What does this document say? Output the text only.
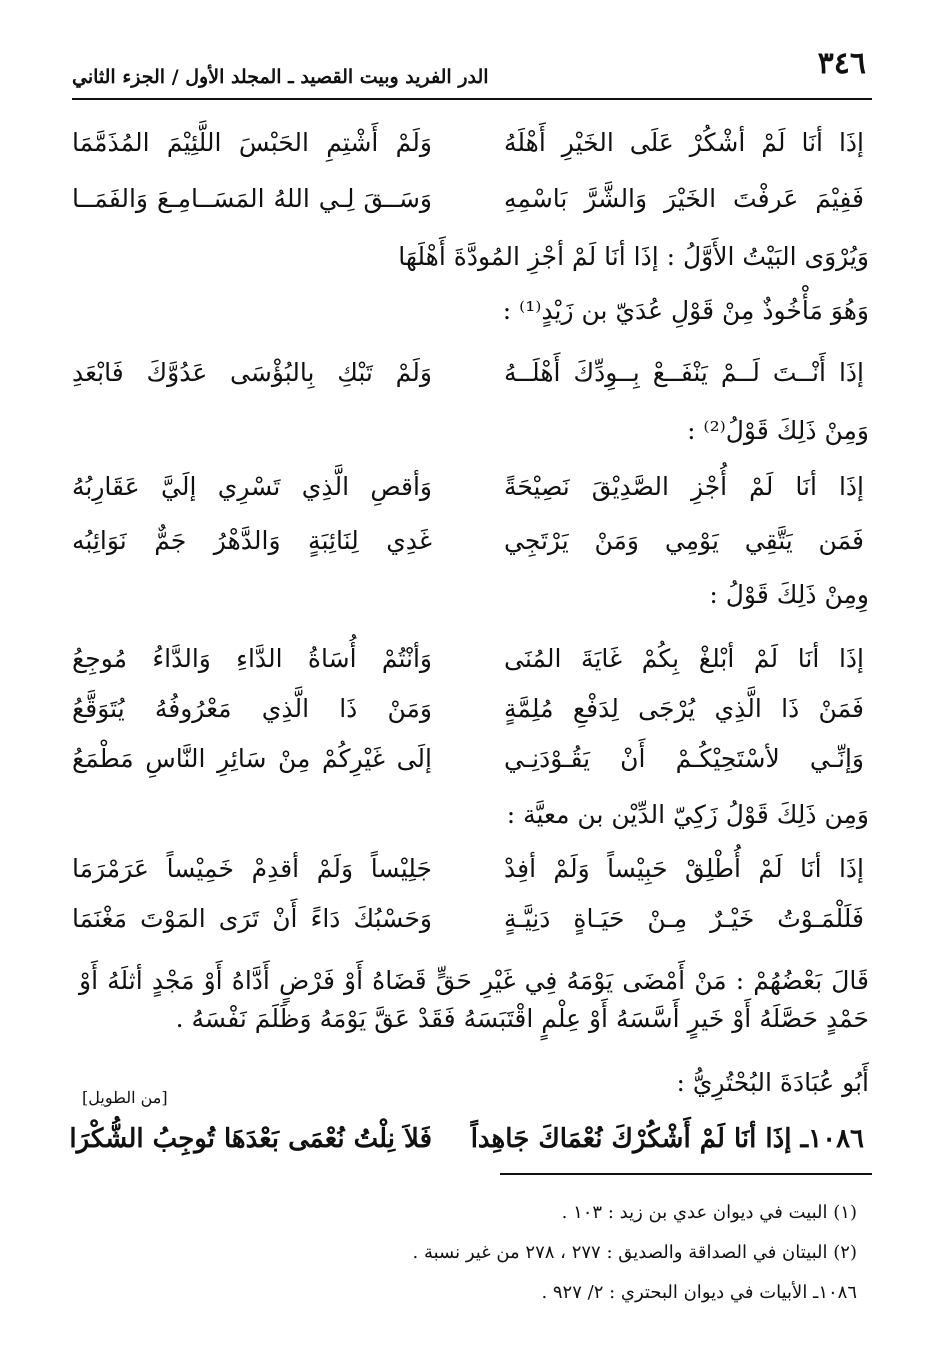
٣٤٦
الدر الفريد وبيت القصيد ـ المجلد الأول / الجزء الثاني
إذَا أنَا لَمْ أشْكُرْ عَلَى الخَيْرِ أَهْلَهُ
وَلَمْ أَشْتِمِ الحَبْسَ اللَّئِيْمَ المُذَمَّمَا
فَفِيْمَ عَرفْتَ الخَيْرَ وَالشَّرَّ بَاسْمِهِ
وَسَــقَ لِـي اللهُ المَسَــامِـعَ وَالفَمَــا
وَيُرْوَى البَيْتُ الأَوَّلُ : إذَا أنَا لَمْ أجْزِ المُودَّةَ أَهْلَهَا
وَهُوَ مَأْخُوذٌ مِنْ قَوْلِ عُدَيّ بن زَيْدٍ⁽¹⁾ :
إذَا أَنْــتَ لَــمْ يَنْفَــعْ بِــوِدِّكَ أَهْلَــهُ
وَلَمْ تَبْكِ بِالبُؤْسَى عَدُوَّكَ فَابْعَدِ
وَمِنْ ذَلِكَ قَوْلُ⁽²⁾ :
إذَا أنَا لَمْ أُجْزِ الصَّدِيْقَ نَصِيْحَةً
وَأقصِ الَّذِي تَسْرِي إلَيَّ عَقَارِبُهُ
فَمَن يَتَّقِي يَوْمِي وَمَنْ يَرْتَجِي
غَدِي لِنَائِبَةٍ وَالدَّهْرُ جَمٌّ نَوَائِبُه
وِمِنْ ذَلِكَ قَوْلُ :
إذَا أنَا لَمْ أبْلغْ بِكُمْ غَايَةَ المُنَى
وَأنْتُمْ أُسَاةُ الدَّاءِ وَالدَّاءُ مُوجِعُ
فَمَنْ ذَا الَّذِي يُرْجَى لِدَفْعِ مُلِمَّةٍ
وَمَنْ ذَا الَّذِي مَعْرُوفُهُ يُتَوَقَّعُ
وَإنِّـي لأسْتَحِيْكُـمْ أَنْ يَقُـوْدَنِـي
إلَى غَيْرِكُمْ مِنْ سَائِرِ النَّاسِ مَطْمَعُ
وَمِن ذَلِكَ قَوْلُ زَكِيّ الدِّيْن بن معيَّة :
إذَا أنَا لَمْ أُطْلِقْ حَبِيْساً وَلَمْ أفِدْ
جَلِيْساً وَلَمْ أقدِمْ خَمِيْساً عَرَمْرَمَا
فَلَلْمَـوْتُ خَيْـرٌ مِـنْ حَيَـاةٍ دَنِيَّـةٍ
وَحَسْبُكَ دَاءً أَنْ تَرَى المَوْتَ مَغْنَمَا
قَالَ بَعْضُهُمْ : مَنْ أَمْضَى يَوْمَهُ فِي غَيْرِ حَقٍّ قَضَاهُ أَوْ فَرْضٍ أَدَّاهُ أَوْ مَجْدٍ أثلَهُ أَوْ حَمْدٍ حَصَّلَهُ أَوْ خَيرٍ أَسَّسَهُ أَوْ عِلْمٍ اقْتَبَسَهُ فَقَدْ عَقَّ يَوْمَهُ وَظَلَمَ نَفْسَهُ .
أَبُو عُبَادَةَ البُحْتُرِيُّ :
[من الطويل]
١٠٨٦ـ إذَا أنَا لَمْ أَشْكُرْكَ نُعْمَاكَ جَاهِداً
فَلاَ نِلْتُ نُعْمَى بَعْدَهَا تُوجِبُ الشُّكْرَا
(١) البيت في ديوان عدي بن زيد : ١٠٣ .
(٢) البيتان في الصداقة والصديق : ٢٧٧ ، ٢٧٨ من غير نسبة .
١٠٨٦ـ الأبيات في ديوان البحتري : ٢/ ٩٢٧ .
